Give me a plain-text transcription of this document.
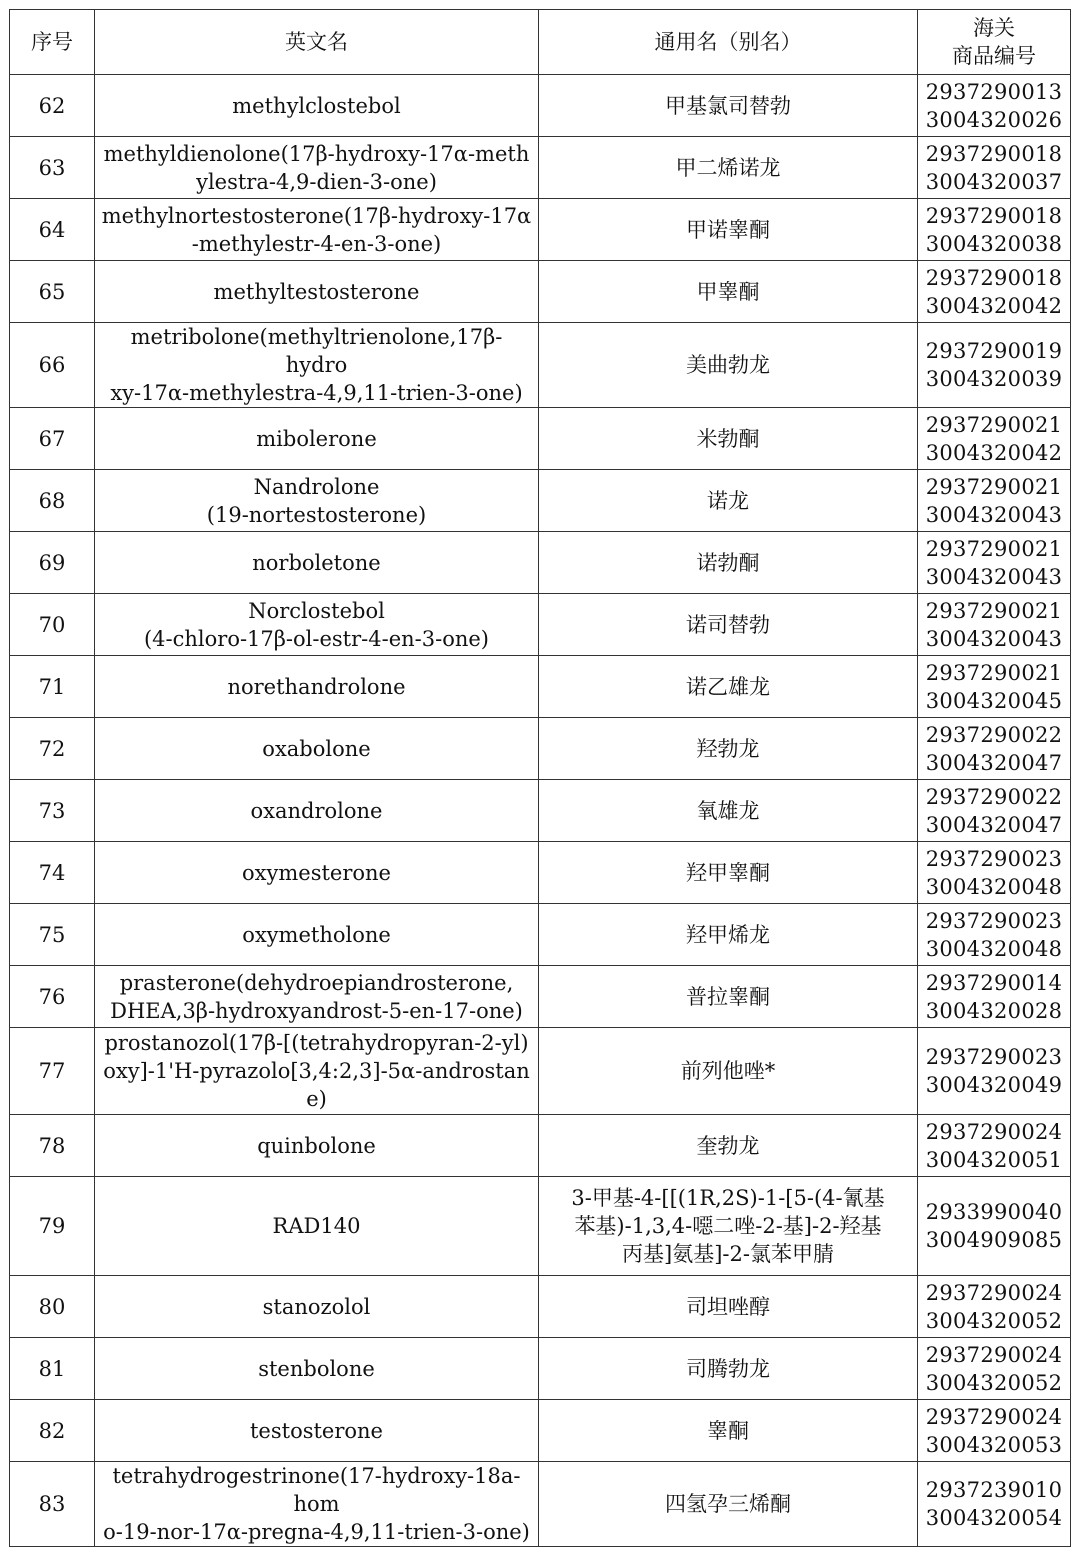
序号	英文名	通用名（别名）	海关
商品编号

62	methylclostebol	甲基氯司替勃	2937290013
3004320026

63	methyldienolone(17β-hydroxy-17α-meth
ylestra-4,9-dien-3-one)	甲二烯诺龙	2937290018
3004320037

64	methylnortestosterone(17β-hydroxy-17α
-methylestr-4-en-3-one)	甲诺睾酮	2937290018
3004320038

65	methyltestosterone	甲睾酮	2937290018
3004320042

66	metribolone(methyltrienolone,17β-hydro
xy-17α-methylestra-4,9,11-trien-3-one)	美曲勃龙	2937290019
3004320039

67	mibolerone	米勃酮	2937290021
3004320042

68	Nandrolone
(19-nortestosterone)	诺龙	2937290021
3004320043

69	norboletone	诺勃酮	2937290021
3004320043

70	Norclostebol
(4-chloro-17β-ol-estr-4-en-3-one)	诺司替勃	2937290021
3004320043

71	norethandrolone	诺乙雄龙	2937290021
3004320045

72	oxabolone	羟勃龙	2937290022
3004320047

73	oxandrolone	氧雄龙	2937290022
3004320047

74	oxymesterone	羟甲睾酮	2937290023
3004320048

75	oxymetholone	羟甲烯龙	2937290023
3004320048

76	prasterone(dehydroepiandrosterone,
DHEA,3β-hydroxyandrost-5-en-17-one)	普拉睾酮	2937290014
3004320028

77	prostanozol(17β-[(tetrahydropyran-2-yl)
oxy]-1'H-pyrazolo[3,4:2,3]-5α-androstan
e)	前列他唑*	2937290023
3004320049

78	quinbolone	奎勃龙	2937290024
3004320051

79	RAD140	3-甲基-4-[[(1R,2S)-1-[5-(4-氰基
苯基)-1,3,4-噁二唑-2-基]-2-羟基
丙基]氨基]-2-氯苯甲腈	2933990040
3004909085

80	stanozolol	司坦唑醇	2937290024
3004320052

81	stenbolone	司腾勃龙	2937290024
3004320052

82	testosterone	睾酮	2937290024
3004320053

83	tetrahydrogestrinone(17-hydroxy-18a-hom
o-19-nor-17α-pregna-4,9,11-trien-3-one)	四氢孕三烯酮	2937239010
3004320054
